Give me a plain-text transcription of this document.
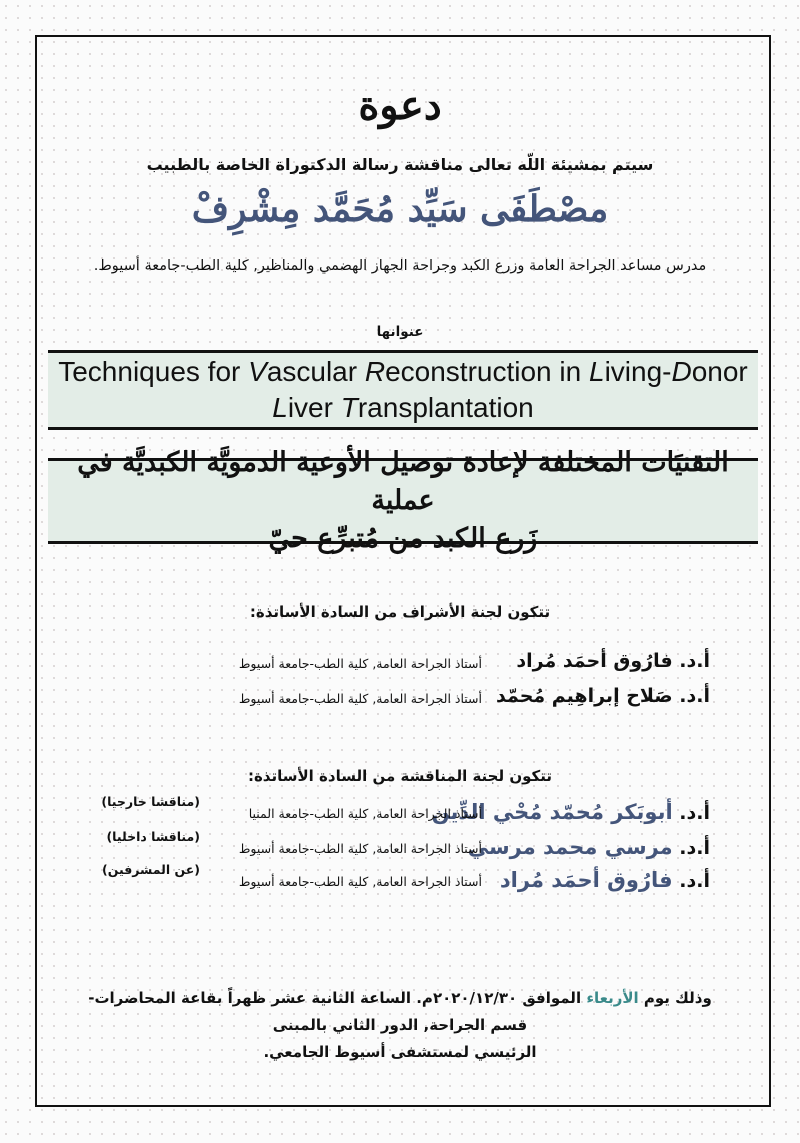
دعوة
سيتم بمشيئة اللّه تعالى مناقشة رسالة الدكتوراة الخاصة بالطبيب
مصْطَفَى سَيِّد مُحَمَّد مِشْرِفْ
مدرس مساعد الجراحة العامة وزرع الكبد وجراحة الجهاز الهضمي والمناظير, كلية الطب-جامعة أسيوط.
عنوانها
Techniques for Vascular Reconstruction in Living-Donor
Liver Transplantation
التقنيَات المختلفة لإعادة توصيل الأوعية الدمويَّة الكبديَّة في عملية
زَرع الكبد من مُتبرِّع حيّ
تتكون لجنة الأشراف من السادة الأساتذة:
أ.د. فارُوق أحمَد مُراد
أستاذ الجراحة العامة, كلية الطب-جامعة أسيوط
أ.د. صَلاح إبراهِيم مُحمّد
أستاذ الجراحة العامة, كلية الطب-جامعة أسيوط
تتكون لجنة المناقشة من السادة الأساتذة:
أ.د. أبوبَكر مُحمّد مُحْي الدِّين
أستاذ الجراحة العامة, كلية الطب-جامعة المنيا
(مناقشا خارجيا)
أ.د. مرسي محمد مرسي
أستاذ الجراحة العامة, كلية الطب-جامعة أسيوط
(مناقشا داخليا)
أ.د. فارُوق أحمَد مُراد
أستاذ الجراحة العامة, كلية الطب-جامعة أسيوط
(عن المشرفين)
وذلك يوم الأربعاء الموافق ٢٠٢٠/١٢/٣٠م. الساعة الثانية عشر ظهراً بقاعة المحاضرات-قسم الجراحة, الدور الثاني بالمبنى
الرئيسي لمستشفى أسيوط الجامعي.
